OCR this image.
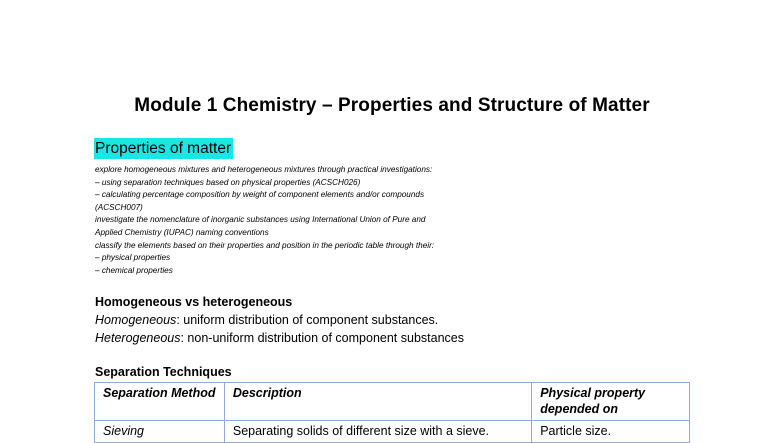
Module 1 Chemistry – Properties and Structure of Matter
Properties of matter
explore homogeneous mixtures and heterogeneous mixtures through practical investigations:
– using separation techniques based on physical properties (ACSCH026)
– calculating percentage composition by weight of component elements and/or compounds
(ACSCH007)
investigate the nomenclature of inorganic substances using International Union of Pure and
Applied Chemistry (IUPAC) naming conventions
classify the elements based on their properties and position in the periodic table through their:
– physical properties
– chemical properties
Homogeneous vs heterogeneous
Homogeneous: uniform distribution of component substances.
Heterogeneous: non-uniform distribution of component substances
Separation Techniques
Separation Method	Description	Physical property depended on
Sieving	Separating solids of different size with a sieve.	Particle size.
